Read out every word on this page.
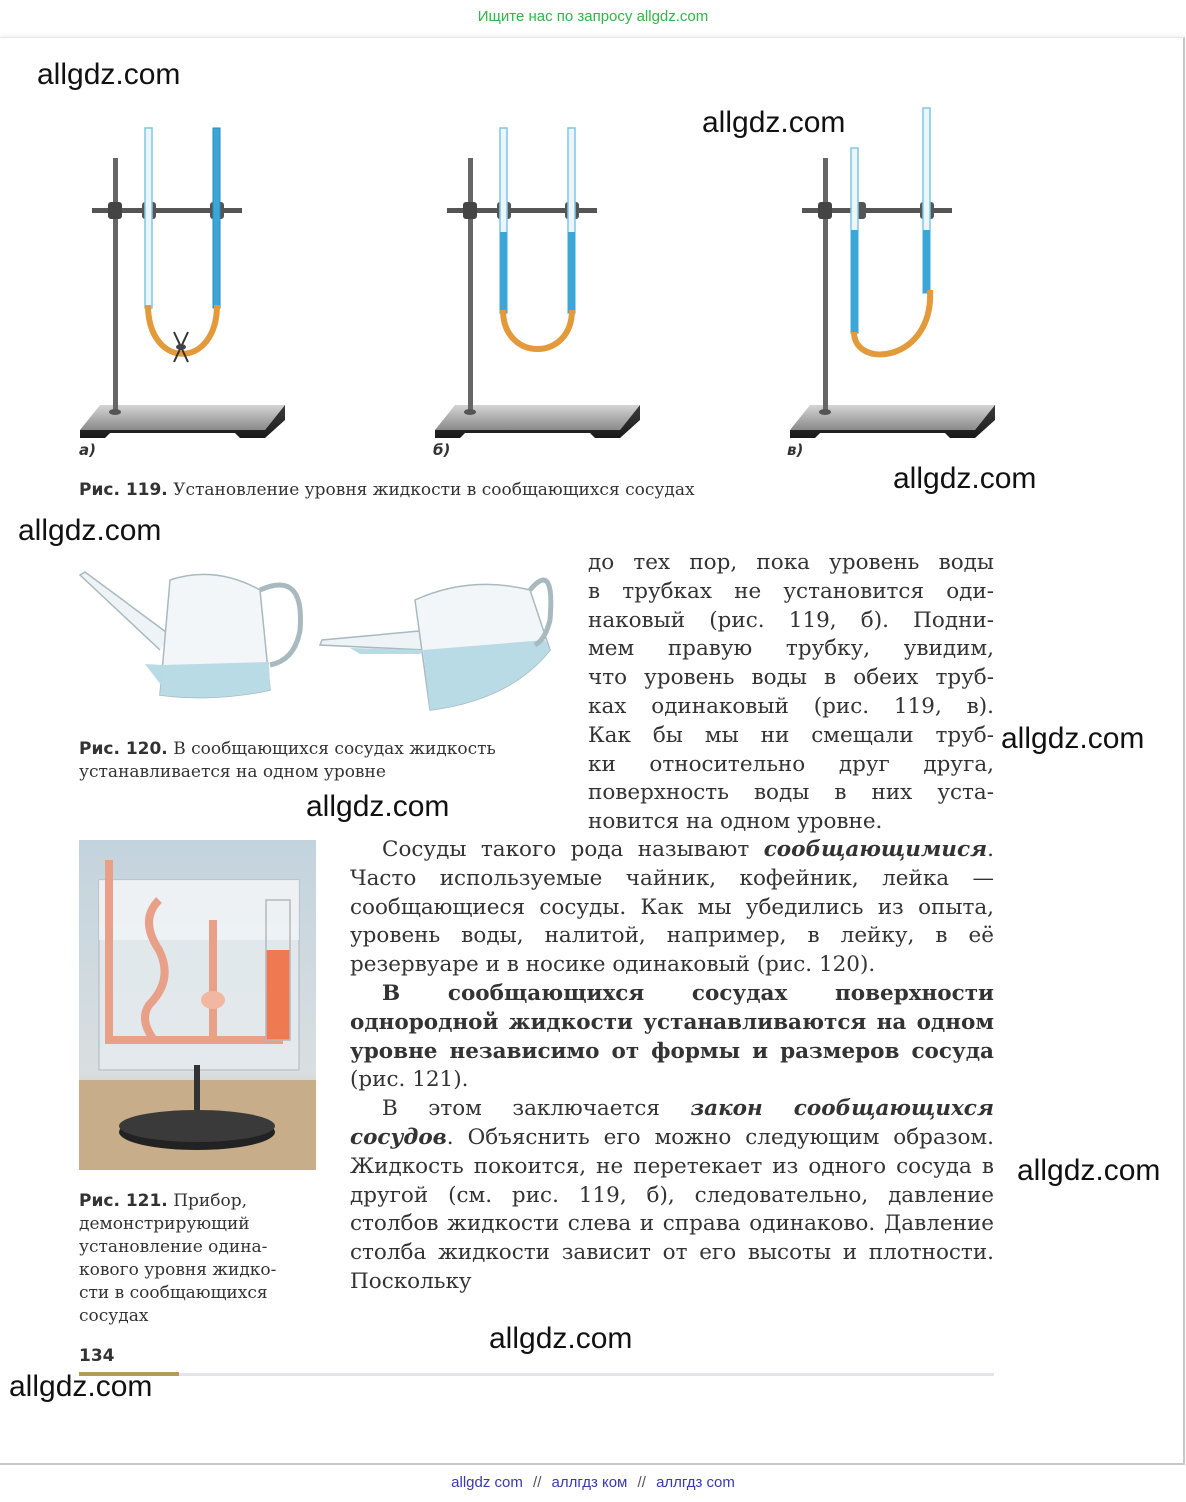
Ищите нас по запросу allgdz.com
а)	б)	в)
Рис. 119. Установление уровня жидкости в сообщающихся сосудах
Рис. 120. В сообщающихся сосудах жидкость
устанавливается на одном уровне
до тех пор, пока уровень воды
в трубках не установится оди-
наковый (рис. 119, б). Подни-
мем правую трубку, увидим,
что уровень воды в обеих труб-
ках одинаковый (рис. 119, в).
Как бы мы ни смещали труб-
ки относительно друг друга,
поверхность воды в них уста-
новится на одном уровне.
Рис. 121. Прибор,
демонстрирующий
установление одина-
кового уровня жидко-
сти в сообщающихся
сосудах

Сосуды такого рода называют сообщающимися. Часто используемые чайник, кофейник, лейка — сообщающиеся сосуды. Как мы убедились из опыта, уровень воды, налитой, например, в лейку, в её резервуаре и в носике одинаковый (рис. 120).

В сообщающихся сосудах поверхности однородной жидкости устанавливаются на одном уровне независимо от формы и размеров сосуда (рис. 121).

В этом заключается закон сообщающихся сосудов. Объяснить его можно следующим образом. Жидкость покоится, не перетекает из одного сосуда в другой (см. рис. 119, б), следовательно, давление столбов жидкости слева и справа одинаково. Давление столба жидкости зависит от его высоты и плотности. Поскольку

134
allgdz.com
allgdz.com
allgdz.com
allgdz.com
allgdz.com
allgdz.com
allgdz.com
allgdz.com
allgdz.com
allgdz com // аллгдз ком // аллгдз com
